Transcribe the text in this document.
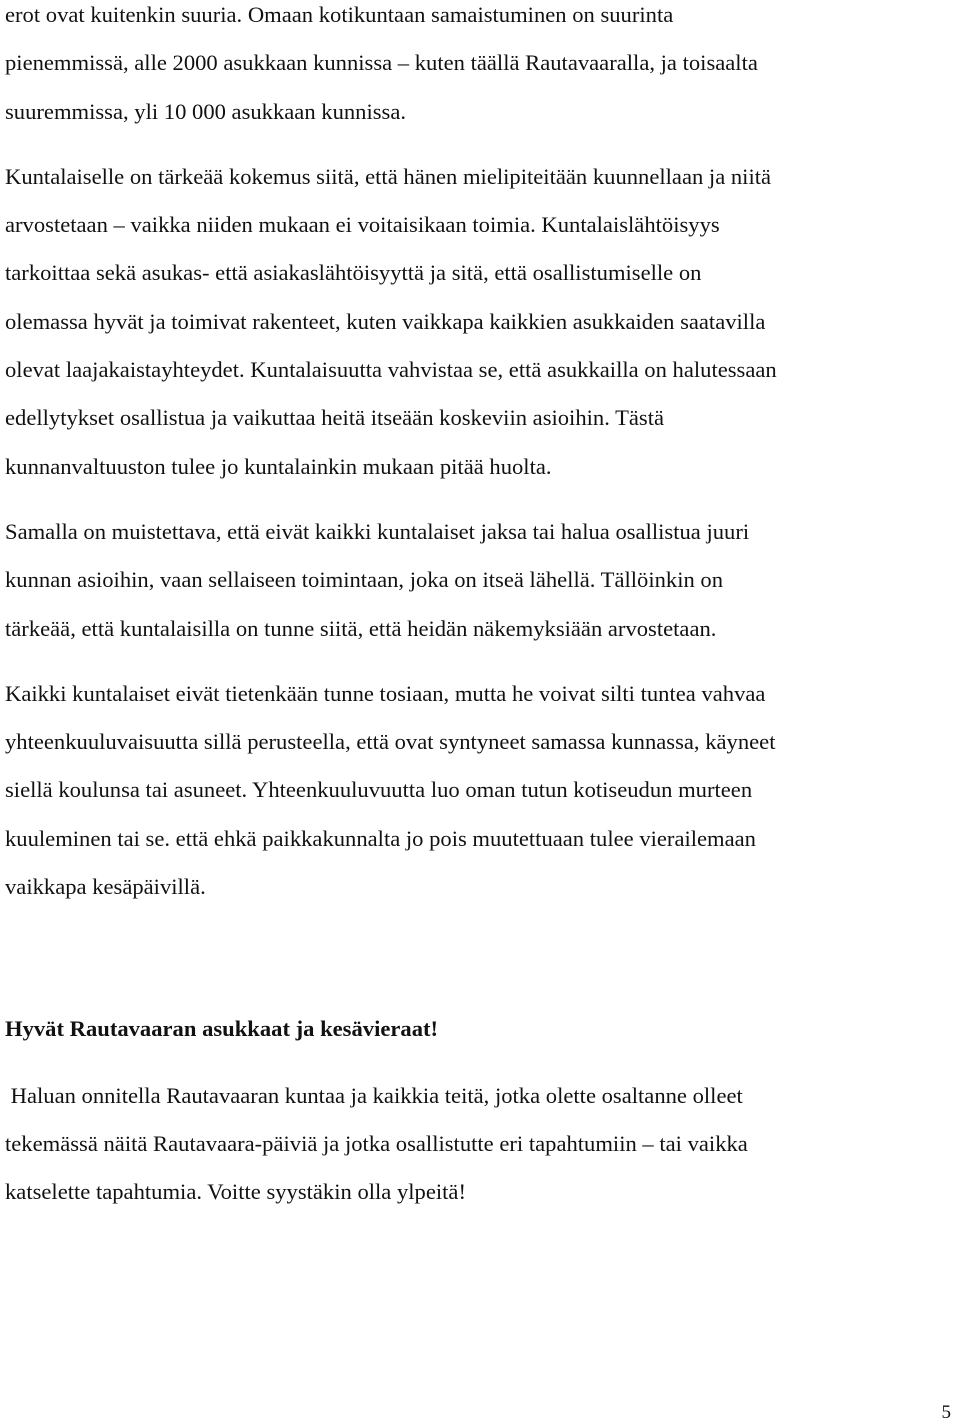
erot ovat kuitenkin suuria. Omaan kotikuntaan samaistuminen on suurinta
pienemmissä, alle 2000 asukkaan kunnissa – kuten täällä Rautavaaralla, ja toisaalta
suuremmissa, yli 10 000 asukkaan kunnissa.

Kuntalaiselle on tärkeää kokemus siitä, että hänen mielipiteitään kuunnellaan ja niitä
arvostetaan – vaikka niiden mukaan ei voitaisikaan toimia. Kuntalaislähtöisyys
tarkoittaa sekä asukas- että asiakaslähtöisyyttä ja sitä, että osallistumiselle on
olemassa hyvät ja toimivat rakenteet, kuten vaikkapa kaikkien asukkaiden saatavilla
olevat laajakaistayhteydet. Kuntalaisuutta vahvistaa se, että asukkailla on halutessaan
edellytykset osallistua ja vaikuttaa heitä itseään koskeviin asioihin. Tästä
kunnanvaltuuston tulee jo kuntalainkin mukaan pitää huolta.

Samalla on muistettava, että eivät kaikki kuntalaiset jaksa tai halua osallistua juuri
kunnan asioihin, vaan sellaiseen toimintaan, joka on itseä lähellä. Tällöinkin on
tärkeää, että kuntalaisilla on tunne siitä, että heidän näkemyksiään arvostetaan.

Kaikki kuntalaiset eivät tietenkään tunne tosiaan, mutta he voivat silti tuntea vahvaa
yhteenkuuluvaisuutta sillä perusteella, että ovat syntyneet samassa kunnassa, käyneet
siellä koulunsa tai asuneet. Yhteenkuuluvuutta luo oman tutun kotiseudun murteen
kuuleminen tai se. että ehkä paikkakunnalta jo pois muutettuaan tulee vierailemaan
vaikkapa kesäpäivillä.

Hyvät Rautavaaran asukkaat ja kesävieraat!

Haluan onnitella Rautavaaran kuntaa ja kaikkia teitä, jotka olette osaltanne olleet
tekemässä näitä Rautavaara-päiviä ja jotka osallistutte eri tapahtumiin – tai vaikka
katselette tapahtumia. Voitte syystäkin olla ylpeitä!

5
